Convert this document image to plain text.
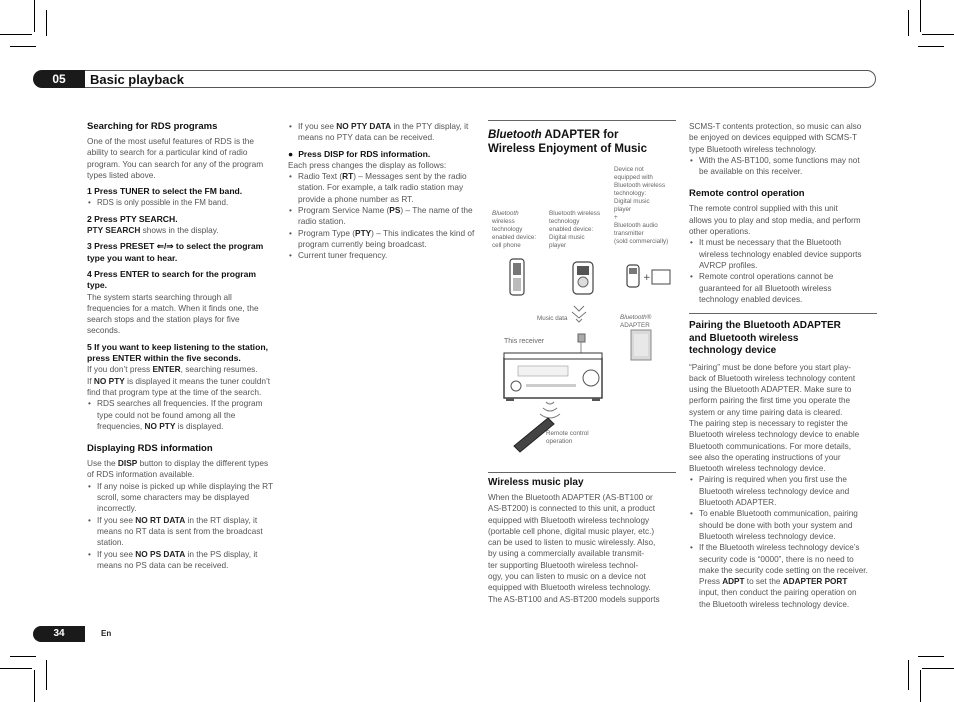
05	Basic playback

Searching for RDS programs

One of the most useful features of RDS is the ability to search for a particular kind of radio program. You can search for any of the program types listed above.

1 Press TUNER to select the FM band.

• RDS is only possible in the FM band.

2 Press PTY SEARCH.

PTY SEARCH shows in the display.

3 Press PRESET ⇐/⇒ to select the program type you want to hear.

4 Press ENTER to search for the program type.

The system starts searching through all frequencies for a match. When it finds one, the search stops and the station plays for five seconds.

5 If you want to keep listening to the station, press ENTER within the five seconds.

If you don’t press ENTER, searching resumes.

If NO PTY is displayed it means the tuner couldn’t find that program type at the time of the search.

• RDS searches all frequencies. If the program type could not be found among all the frequencies, NO PTY is displayed.

Displaying RDS information

Use the DISP button to display the different types of RDS information available.

• If any noise is picked up while displaying the RT scroll, some characters may be displayed incorrectly.
• If you see NO RT DATA in the RT display, it means no RT data is sent from the broadcast station.
• If you see NO PS DATA in the PS display, it means no PS data can be received.
• If you see NO PTY DATA in the PTY display, it means no PTY data can be received.

● Press DISP for RDS information.

Each press changes the display as follows:

• Radio Text (RT) – Messages sent by the radio station. For example, a talk radio station may provide a phone number as RT.
• Program Service Name (PS) – The name of the radio station.
• Program Type (PTY) – This indicates the kind of program currently being broadcast.
• Current tuner frequency.

Bluetooth ADAPTER for

Wireless Enjoyment of Music

Bluetooth
wireless
technology
enabled device:
cell phone
Bluetooth wireless
technology
enabled device:
Digital music
player
Device not
equipped with
Bluetooth wireless
technology:
Digital music
player
+
Bluetooth audio
transmitter
(sold commercially)
Music data	Bluetooth®
ADAPTER
This receiver
Remote control
operation
+

Wireless music play

When the Bluetooth ADAPTER (AS-BT100 or

AS-BT200) is connected to this unit, a product

equipped with Bluetooth wireless technology

(portable cell phone, digital music player, etc.)

can be used to listen to music wirelessly. Also,

by using a commercially available transmit-

ter supporting Bluetooth wireless technol-

ogy, you can listen to music on a device not

equipped with Bluetooth wireless technology.

The AS-BT100 and AS-BT200 models supports

SCMS-T contents protection, so music can also

be enjoyed on devices equipped with SCMS-T

type Bluetooth wireless technology.

• With the AS-BT100, some functions may not
be available on this receiver.

Remote control operation

The remote control supplied with this unit

allows you to play and stop media, and perform

other operations.

• It must be necessary that the Bluetooth
wireless technology enabled device supports
AVRCP profiles.
• Remote control operations cannot be
guaranteed for all Bluetooth wireless
technology enabled devices.

Pairing the Bluetooth ADAPTER

and Bluetooth wireless

technology device

“Pairing” must be done before you start play-

back of Bluetooth wireless technology content

using the Bluetooth ADAPTER. Make sure to

perform pairing the first time you operate the

system or any time pairing data is cleared.

The pairing step is necessary to register the

Bluetooth wireless technology device to enable

Bluetooth communications. For more details,

see also the operating instructions of your

Bluetooth wireless technology device.

• Pairing is required when you first use the
Bluetooth wireless technology device and
Bluetooth ADAPTER.
• To enable Bluetooth communication, pairing
should be done with both your system and
Bluetooth wireless technology device.
• If the Bluetooth wireless technology device’s
security code is “0000”, there is no need to
make the security code setting on the receiver.
Press ADPT to set the ADAPTER PORT
input, then conduct the pairing operation on
the Bluetooth wireless technology device.
34	En
